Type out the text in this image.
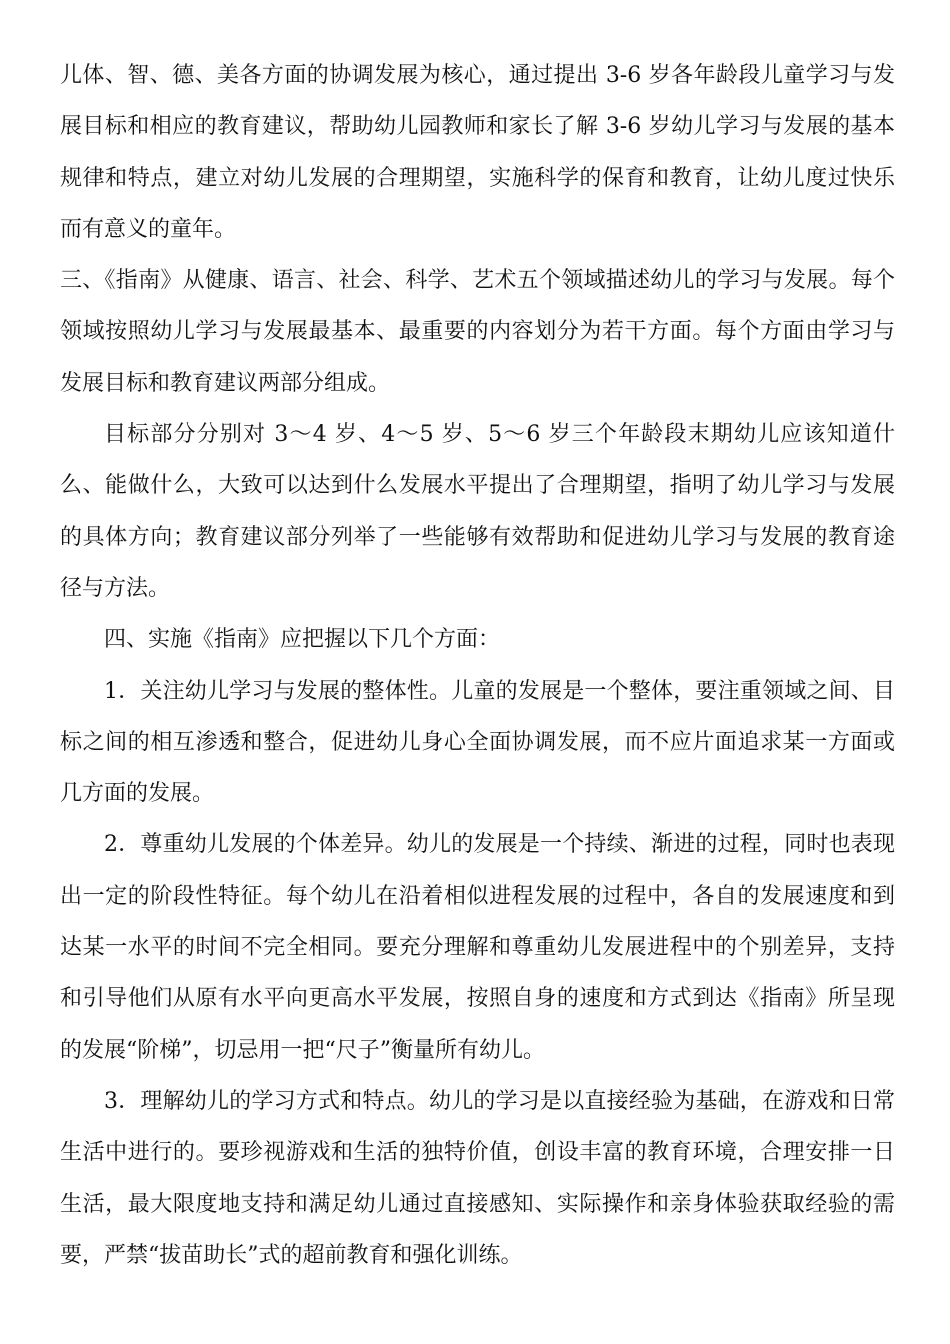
儿体、智、德、美各方面的协调发展为核心，通过提出 3-6 岁各年龄段儿童学习与发展目标和相应的教育建议，帮助幼儿园教师和家长了解 3-6 岁幼儿学习与发展的基本规律和特点，建立对幼儿发展的合理期望，实施科学的保育和教育，让幼儿度过快乐而有意义的童年。

三、《指南》从健康、语言、社会、科学、艺术五个领域描述幼儿的学习与发展。每个领域按照幼儿学习与发展最基本、最重要的内容划分为若干方面。每个方面由学习与发展目标和教育建议两部分组成。

目标部分分别对 3～4 岁、4～5 岁、5～6 岁三个年龄段末期幼儿应该知道什么、能做什么，大致可以达到什么发展水平提出了合理期望，指明了幼儿学习与发展的具体方向；教育建议部分列举了一些能够有效帮助和促进幼儿学习与发展的教育途径与方法。

四、实施《指南》应把握以下几个方面：

1．关注幼儿学习与发展的整体性。儿童的发展是一个整体，要注重领域之间、目标之间的相互渗透和整合，促进幼儿身心全面协调发展，而不应片面追求某一方面或几方面的发展。

2．尊重幼儿发展的个体差异。幼儿的发展是一个持续、渐进的过程，同时也表现出一定的阶段性特征。每个幼儿在沿着相似进程发展的过程中，各自的发展速度和到达某一水平的时间不完全相同。要充分理解和尊重幼儿发展进程中的个别差异，支持和引导他们从原有水平向更高水平发展，按照自身的速度和方式到达《指南》所呈现的发展“阶梯”，切忌用一把“尺子”衡量所有幼儿。

3．理解幼儿的学习方式和特点。幼儿的学习是以直接经验为基础，在游戏和日常生活中进行的。要珍视游戏和生活的独特价值，创设丰富的教育环境，合理安排一日生活，最大限度地支持和满足幼儿通过直接感知、实际操作和亲身体验获取经验的需要，严禁“拔苗助长”式的超前教育和强化训练。
